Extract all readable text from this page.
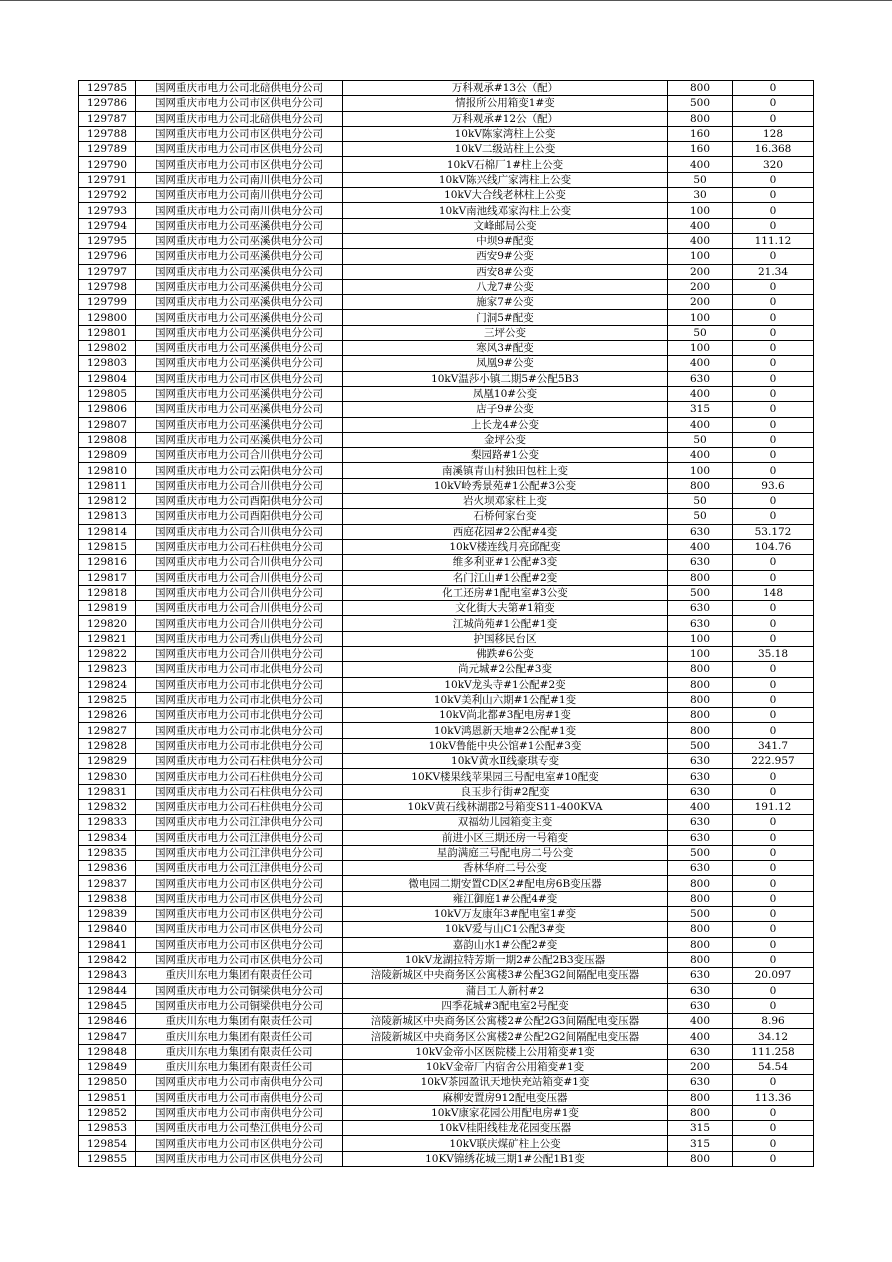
129785	国网重庆市电力公司北碚供电分公司	万科观承#13公（配）	800	0
129786	国网重庆市电力公司市区供电分公司	情报所公用箱变1#变	500	0
129787	国网重庆市电力公司北碚供电分公司	万科观承#12公（配）	800	0
129788	国网重庆市电力公司市区供电分公司	10kV陈家湾柱上公变	160	128
129789	国网重庆市电力公司市区供电分公司	10kV二级站柱上公变	160	16.368
129790	国网重庆市电力公司市区供电分公司	10kV石棉厂1#柱上公变	400	320
129791	国网重庆市电力公司南川供电分公司	10kV陈兴线广家湾柱上公变	50	0
129792	国网重庆市电力公司南川供电分公司	10kV大合线老林柱上公变	30	0
129793	国网重庆市电力公司南川供电分公司	10kV南池线邓家沟柱上公变	100	0
129794	国网重庆市电力公司巫溪供电分公司	文峰邮局公变	400	0
129795	国网重庆市电力公司巫溪供电分公司	中坝9#配变	400	111.12
129796	国网重庆市电力公司巫溪供电分公司	西安9#公变	100	0
129797	国网重庆市电力公司巫溪供电分公司	西安8#公变	200	21.34
129798	国网重庆市电力公司巫溪供电分公司	八龙7#公变	200	0
129799	国网重庆市电力公司巫溪供电分公司	施家7#公变	200	0
129800	国网重庆市电力公司巫溪供电分公司	门洞5#配变	100	0
129801	国网重庆市电力公司巫溪供电分公司	三坪公变	50	0
129802	国网重庆市电力公司巫溪供电分公司	寒风3#配变	100	0
129803	国网重庆市电力公司巫溪供电分公司	凤凰9#公变	400	0
129804	国网重庆市电力公司市区供电分公司	10kV温莎小镇二期5#公配5B3	630	0
129805	国网重庆市电力公司巫溪供电分公司	凤凰10#公变	400	0
129806	国网重庆市电力公司巫溪供电分公司	店子9#公变	315	0
129807	国网重庆市电力公司巫溪供电分公司	上长龙4#公变	400	0
129808	国网重庆市电力公司巫溪供电分公司	金坪公变	50	0
129809	国网重庆市电力公司合川供电分公司	梨园路#1公变	400	0
129810	国网重庆市电力公司云阳供电分公司	南溪镇青山村独田包柱上变	100	0
129811	国网重庆市电力公司合川供电分公司	10kV岭秀景苑#1公配#3公变	800	93.6
129812	国网重庆市电力公司酉阳供电分公司	岩火坝邓家柱上变	50	0
129813	国网重庆市电力公司酉阳供电分公司	石桥何家台变	50	0
129814	国网重庆市电力公司合川供电分公司	西庭花园#2公配#4变	630	53.172
129815	国网重庆市电力公司石柱供电分公司	10kV楼连线月亮邱配变	400	104.76
129816	国网重庆市电力公司合川供电分公司	维多利亚#1公配#3变	630	0
129817	国网重庆市电力公司合川供电分公司	名门江山#1公配#2变	800	0
129818	国网重庆市电力公司合川供电分公司	化工还房#1配电室#3公变	500	148
129819	国网重庆市电力公司合川供电分公司	文化街大夫第#1箱变	630	0
129820	国网重庆市电力公司合川供电分公司	江城尚苑#1公配#1变	630	0
129821	国网重庆市电力公司秀山供电分公司	护国移民台区	100	0
129822	国网重庆市电力公司合川供电分公司	佛跌#6公变	100	35.18
129823	国网重庆市电力公司市北供电分公司	尚元城#2公配#3变	800	0
129824	国网重庆市电力公司市北供电分公司	10kV龙头寺#1公配#2变	800	0
129825	国网重庆市电力公司市北供电分公司	10kV美利山六期#1公配#1变	800	0
129826	国网重庆市电力公司市北供电分公司	10kV尚北都#3配电房#1变	800	0
129827	国网重庆市电力公司市北供电分公司	10kV鸿恩新天地#2公配#1变	800	0
129828	国网重庆市电力公司市北供电分公司	10kV鲁能中央公馆#1公配#3变	500	341.7
129829	国网重庆市电力公司石柱供电分公司	10kV黄水Ⅱ线豪琪专变	630	222.957
129830	国网重庆市电力公司石柱供电分公司	10KV楼果线苹果园三号配电室#10配变	630	0
129831	国网重庆市电力公司石柱供电分公司	良玉步行街#2配变	630	0
129832	国网重庆市电力公司石柱供电分公司	10kV黄石线林湖郡2号箱变S11-400KVA	400	191.12
129833	国网重庆市电力公司江津供电分公司	双福幼儿园箱变主变	630	0
129834	国网重庆市电力公司江津供电分公司	前进小区三期还房一号箱变	630	0
129835	国网重庆市电力公司江津供电分公司	星韵满庭三号配电房二号公变	500	0
129836	国网重庆市电力公司江津供电分公司	香林华府二号公变	630	0
129837	国网重庆市电力公司市区供电分公司	微电园二期安置CD区2#配电房6B变压器	800	0
129838	国网重庆市电力公司市区供电分公司	雍江御庭1#公配4#变	800	0
129839	国网重庆市电力公司市区供电分公司	10kV万友康年3#配电室1#变	500	0
129840	国网重庆市电力公司市区供电分公司	10kV爱与山C1公配3#变	800	0
129841	国网重庆市电力公司市区供电分公司	嘉韵山水1#公配2#变	800	0
129842	国网重庆市电力公司市区供电分公司	10kV龙湖拉特芳斯一期2#公配2B3变压器	800	0
129843	重庆川东电力集团有限责任公司	涪陵新城区中央商务区公寓楼3#公配3G2间隔配电变压器	630	20.097
129844	国网重庆市电力公司铜梁供电分公司	蒲吕工人新村#2	630	0
129845	国网重庆市电力公司铜梁供电分公司	四季花城#3配电室2号配变	630	0
129846	重庆川东电力集团有限责任公司	涪陵新城区中央商务区公寓楼2#公配2G3间隔配电变压器	400	8.96
129847	重庆川东电力集团有限责任公司	涪陵新城区中央商务区公寓楼2#公配2G2间隔配电变压器	400	34.12
129848	重庆川东电力集团有限责任公司	10kV金帝小区医院楼上公用箱变#1变	630	111.258
129849	重庆川东电力集团有限责任公司	10kV金帝厂内宿舍公用箱变#1变	200	54.54
129850	国网重庆市电力公司市南供电分公司	10kV茶园盈讯天地快充站箱变#1变	630	0
129851	国网重庆市电力公司市南供电分公司	麻柳安置房912配电变压器	800	113.36
129852	国网重庆市电力公司市南供电分公司	10kV康家花园公用配电房#1变	800	0
129853	国网重庆市电力公司垫江供电分公司	10kV桂阳线桂龙花园变压器	315	0
129854	国网重庆市电力公司市区供电分公司	10kV联庆煤矿柱上公变	315	0
129855	国网重庆市电力公司市区供电分公司	10KV锦绣花城三期1#公配1B1变	800	0
